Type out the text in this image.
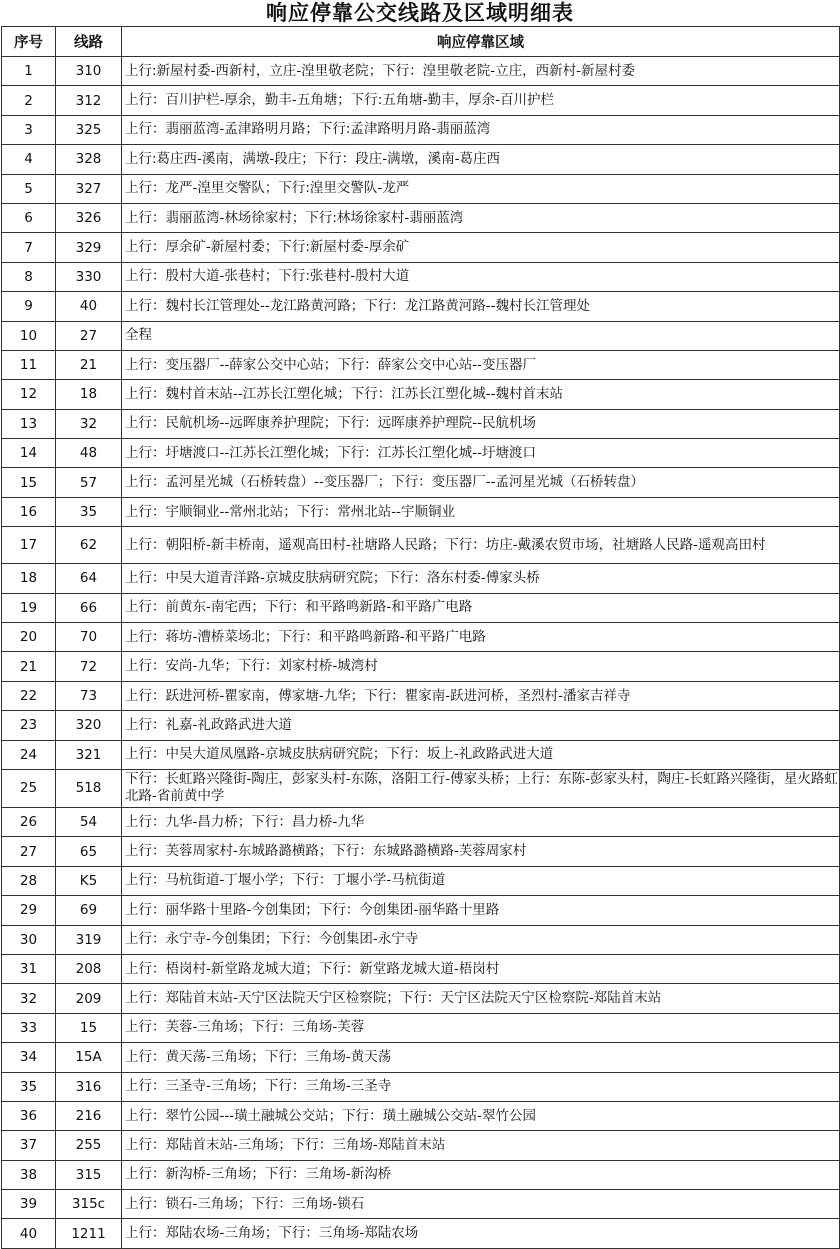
响应停靠公交线路及区域明细表
序号	线路	响应停靠区域
1	310	上行:新屋村委-西新村，立庄-湟里敬老院；下行：湟里敬老院-立庄，西新村-新屋村委
2	312	上行：百川护栏-厚余，勤丰-五角塘；下行:五角塘-勤丰，厚余-百川护栏
3	325	上行：翡丽蓝湾-孟津路明月路；下行:孟津路明月路-翡丽蓝湾
4	328	上行:葛庄西-溪南，满墩-段庄；下行：段庄-满墩，溪南-葛庄西
5	327	上行：龙严-湟里交警队；下行:湟里交警队-龙严
6	326	上行：翡丽蓝湾-林场徐家村；下行:林场徐家村-翡丽蓝湾
7	329	上行：厚余矿-新屋村委；下行:新屋村委-厚余矿
8	330	上行：殷村大道-张巷村；下行:张巷村-殷村大道
9	40	上行：魏村长江管理处--龙江路黄河路；下行：龙江路黄河路--魏村长江管理处
10	27	全程
11	21	上行：变压器厂--薛家公交中心站；下行：薛家公交中心站--变压器厂
12	18	上行：魏村首末站--江苏长江塑化城；下行：江苏长江塑化城--魏村首末站
13	32	上行：民航机场--远晖康养护理院；下行：远晖康养护理院--民航机场
14	48	上行：圩塘渡口--江苏长江塑化城；下行：江苏长江塑化城--圩塘渡口
15	57	上行：孟河星光城（石桥转盘）--变压器厂；下行：变压器厂--孟河星光城（石桥转盘）
16	35	上行：宇顺铜业--常州北站；下行：常州北站--宇顺铜业
17	62	上行：朝阳桥-新丰桥南，遥观高田村-社塘路人民路；下行：坊庄-戴溪农贸市场，社塘路人民路-遥观高田村
18	64	上行：中吴大道青洋路-京城皮肤病研究院；下行：洛东村委-傅家头桥
19	66	上行：前黄东-南宅西；下行：和平路鸣新路-和平路广电路
20	70	上行：蒋坊-漕桥菜场北；下行：和平路鸣新路-和平路广电路
21	72	上行：安尚-九华；下行：刘家村桥-城湾村
22	73	上行：跃进河桥-瞿家南，傅家塘-九华；下行：瞿家南-跃进河桥，圣烈村-潘家吉祥寺
23	320	上行：礼嘉-礼政路武进大道
24	321	上行：中吴大道凤凰路-京城皮肤病研究院；下行：坂上-礼政路武进大道
25	518	下行：长虹路兴隆街-陶庄，彭家头村-东陈，洛阳工行-傅家头桥；上行：东陈-彭家头村，陶庄-长虹路兴隆街，星火路虹北路-省前黄中学
26	54	上行：九华-昌力桥；下行：昌力桥-九华
27	65	上行：芙蓉周家村-东城路潞横路；下行：东城路潞横路-芙蓉周家村
28	K5	上行：马杭街道-丁堰小学；下行：丁堰小学-马杭街道
29	69	上行：丽华路十里路-今创集团；下行：今创集团-丽华路十里路
30	319	上行：永宁寺-今创集团；下行：今创集团-永宁寺
31	208	上行：梧岗村-新堂路龙城大道；下行：新堂路龙城大道-梧岗村
32	209	上行：郑陆首末站-天宁区法院天宁区检察院；下行：天宁区法院天宁区检察院-郑陆首末站
33	15	上行：芙蓉-三角场；下行：三角场-芙蓉
34	15A	上行：黄天荡-三角场；下行：三角场-黄天荡
35	316	上行：三圣寺-三角场；下行：三角场-三圣寺
36	216	上行：翠竹公园---璜土融城公交站；下行：璜土融城公交站-翠竹公园
37	255	上行：郑陆首末站-三角场；下行：三角场-郑陆首末站
38	315	上行：新沟桥-三角场；下行：三角场-新沟桥
39	315c	上行：锁石-三角场；下行：三角场-锁石
40	1211	上行：郑陆农场-三角场；下行：三角场-郑陆农场
